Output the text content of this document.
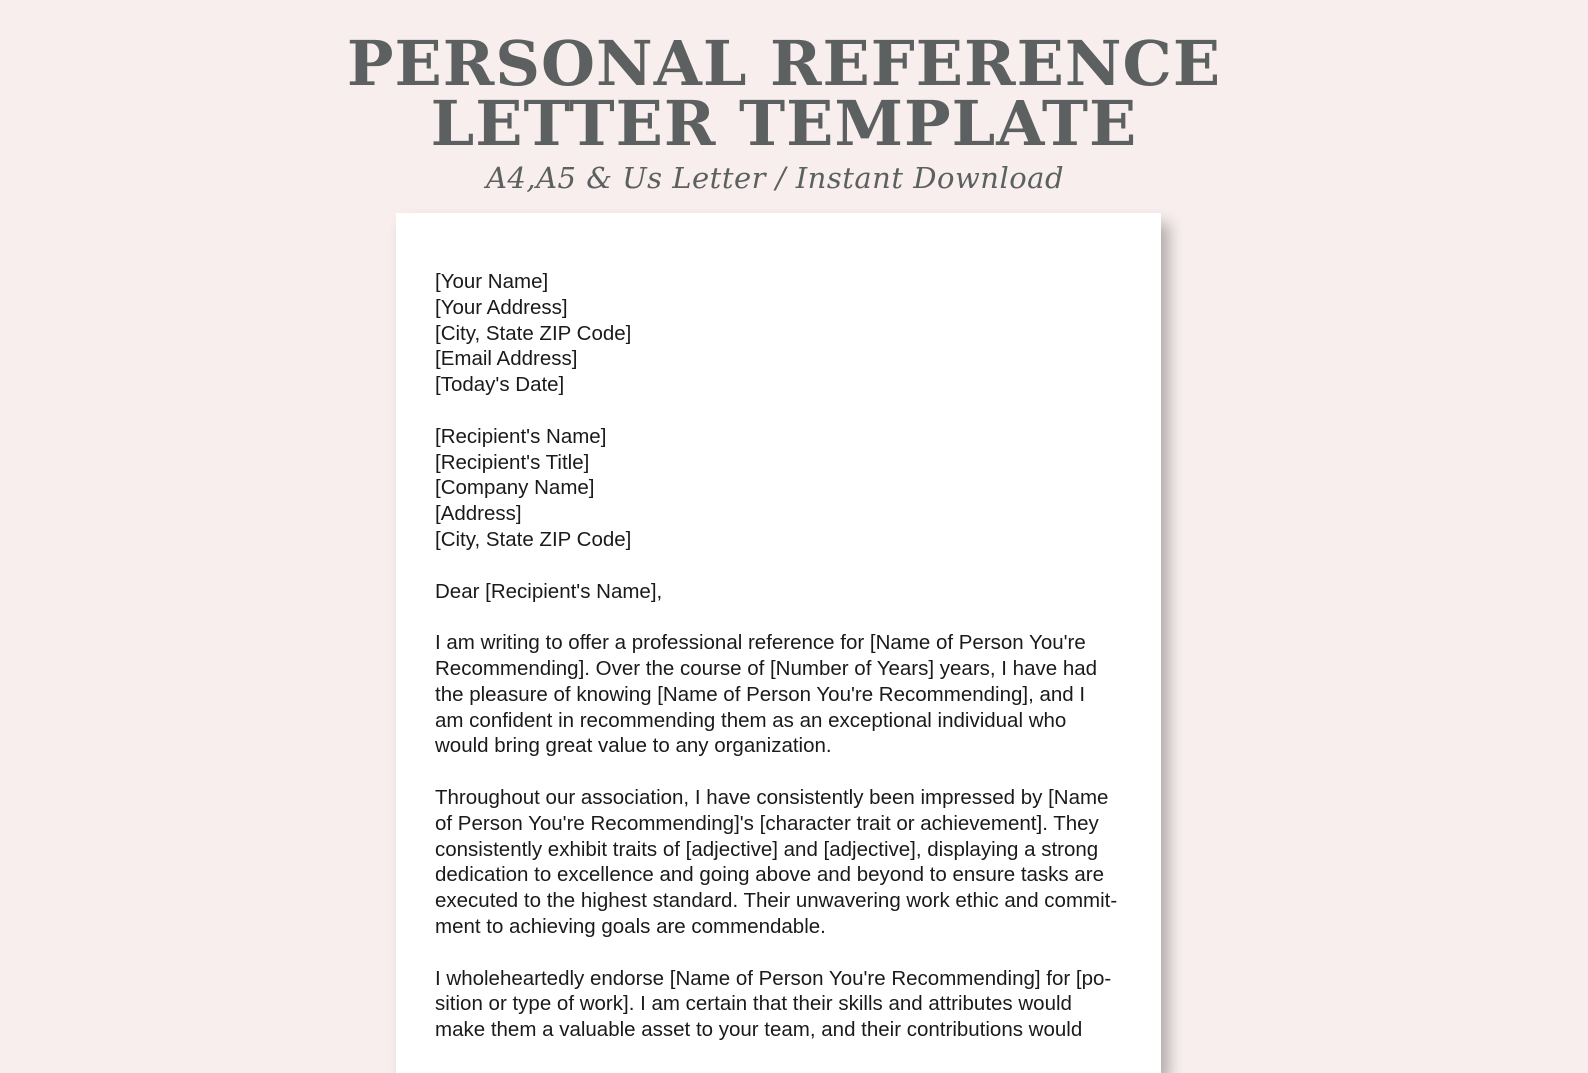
PERSONAL REFERENCE
LETTER TEMPLATE
A4,A5 & Us Letter / Instant Download
[Your Name]
[Your Address]
[City, State ZIP Code]
[Email Address]
[Today's Date]
[Recipient's Name]
[Recipient's Title]
[Company Name]
[Address]
[City, State ZIP Code]
Dear [Recipient's Name],
I am writing to offer a professional reference for [Name of Person You're
Recommending]. Over the course of [Number of Years] years, I have had
the pleasure of knowing [Name of Person You're Recommending], and I
am confident in recommending them as an exceptional individual who
would bring great value to any organization.
Throughout our association, I have consistently been impressed by [Name
of Person You're Recommending]'s [character trait or achievement]. They
consistently exhibit traits of [adjective] and [adjective], displaying a strong
dedication to excellence and going above and beyond to ensure tasks are
executed to the highest standard. Their unwavering work ethic and commit-
ment to achieving goals are commendable.
I wholeheartedly endorse [Name of Person You're Recommending] for [po-
sition or type of work]. I am certain that their skills and attributes would
make them a valuable asset to your team, and their contributions would
